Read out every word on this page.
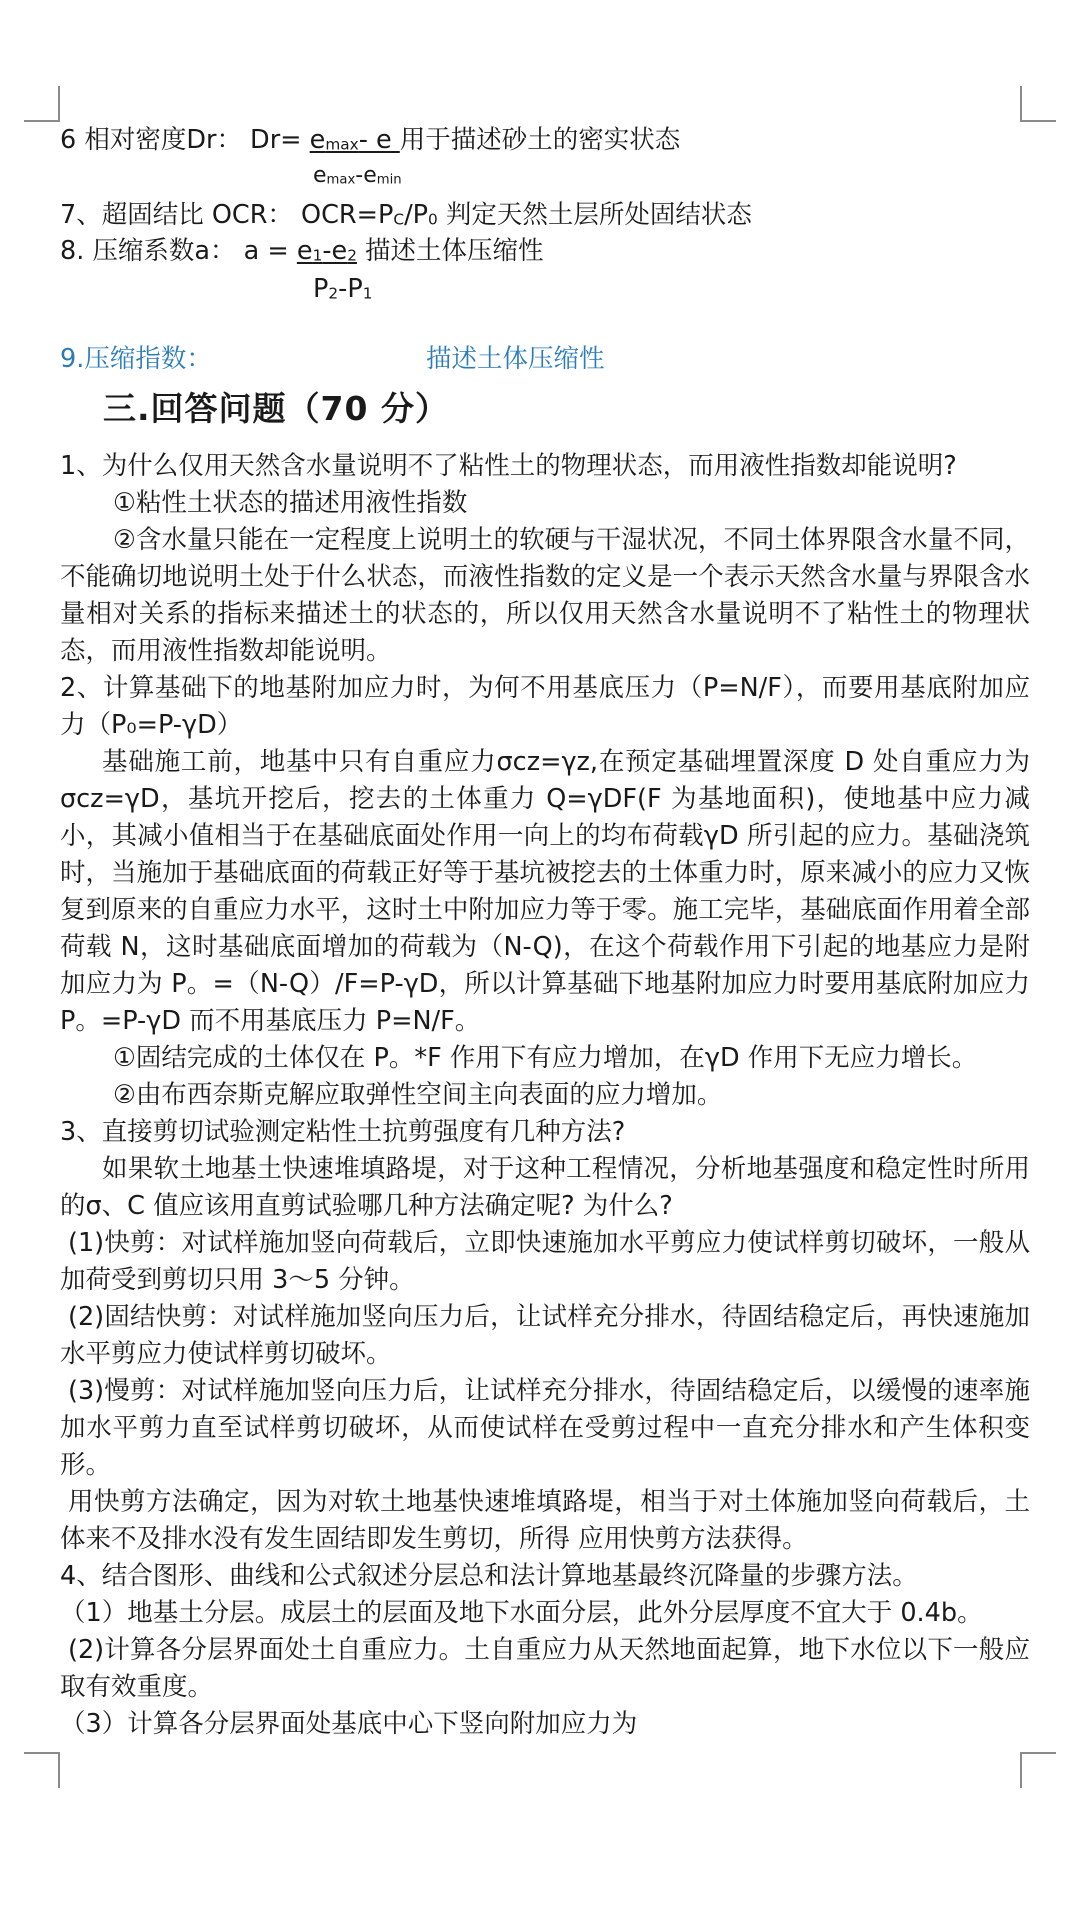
6 相对密度Dr： Dr= emax- e 用于描述砂土的密实状态
emax-emin
7、超固结比 OCR： OCR=PC/P0 判定天然土层所处固结状态
8. 压缩系数a： a = e1-e2 描述土体压缩性
P2-P1
9.压缩指数：	描述土体压缩性
三.回答问题（70 分）
1、为什么仅用天然含水量说明不了粘性土的物理状态，而用液性指数却能说明?
①粘性土状态的描述用液性指数
②含水量只能在一定程度上说明土的软硬与干湿状况，不同土体界限含水量不同，不能确切地说明土处于什么状态，而液性指数的定义是一个表示天然含水量与界限含水量相对关系的指标来描述土的状态的，所以仅用天然含水量说明不了粘性土的物理状态，而用液性指数却能说明。
2、计算基础下的地基附加应力时，为何不用基底压力（P=N/F），而要用基底附加应力（P₀=P-γD）
基础施工前，地基中只有自重应力σcz=γz,在预定基础埋置深度 D 处自重应力为σcz=γD，基坑开挖后，挖去的土体重力 Q=γDF(F 为基地面积)，使地基中应力减小，其减小值相当于在基础底面处作用一向上的均布荷载γD 所引起的应力。基础浇筑时，当施加于基础底面的荷载正好等于基坑被挖去的土体重力时，原来减小的应力又恢复到原来的自重应力水平，这时土中附加应力等于零。施工完毕，基础底面作用着全部荷载 N，这时基础底面增加的荷载为（N-Q)，在这个荷载作用下引起的地基应力是附加应力为 P。=（N-Q）/F=P-γD，所以计算基础下地基附加应力时要用基底附加应力 P。=P-γD 而不用基底压力 P=N/F。
①固结完成的土体仅在 P。*F 作用下有应力增加，在γD 作用下无应力增长。
②由布西奈斯克解应取弹性空间主向表面的应力增加。
3、直接剪切试验测定粘性土抗剪强度有几种方法?
如果软土地基土快速堆填路堤，对于这种工程情况，分析地基强度和稳定性时所用的σ、C 值应该用直剪试验哪几种方法确定呢? 为什么?
(1)快剪：对试样施加竖向荷载后，立即快速施加水平剪应力使试样剪切破坏，一般从加荷受到剪切只用 3～5 分钟。
(2)固结快剪：对试样施加竖向压力后，让试样充分排水，待固结稳定后，再快速施加水平剪应力使试样剪切破坏。
(3)慢剪：对试样施加竖向压力后，让试样充分排水，待固结稳定后，以缓慢的速率施加水平剪力直至试样剪切破坏，从而使试样在受剪过程中一直充分排水和产生体积变形。
用快剪方法确定，因为对软土地基快速堆填路堤，相当于对土体施加竖向荷载后，土体来不及排水没有发生固结即发生剪切，所得 应用快剪方法获得。
4、结合图形、曲线和公式叙述分层总和法计算地基最终沉降量的步骤方法。
（1）地基土分层。成层土的层面及地下水面分层，此外分层厚度不宜大于 0.4b。
(2)计算各分层界面处土自重应力。土自重应力从天然地面起算，地下水位以下一般应取有效重度。
（3）计算各分层界面处基底中心下竖向附加应力为
